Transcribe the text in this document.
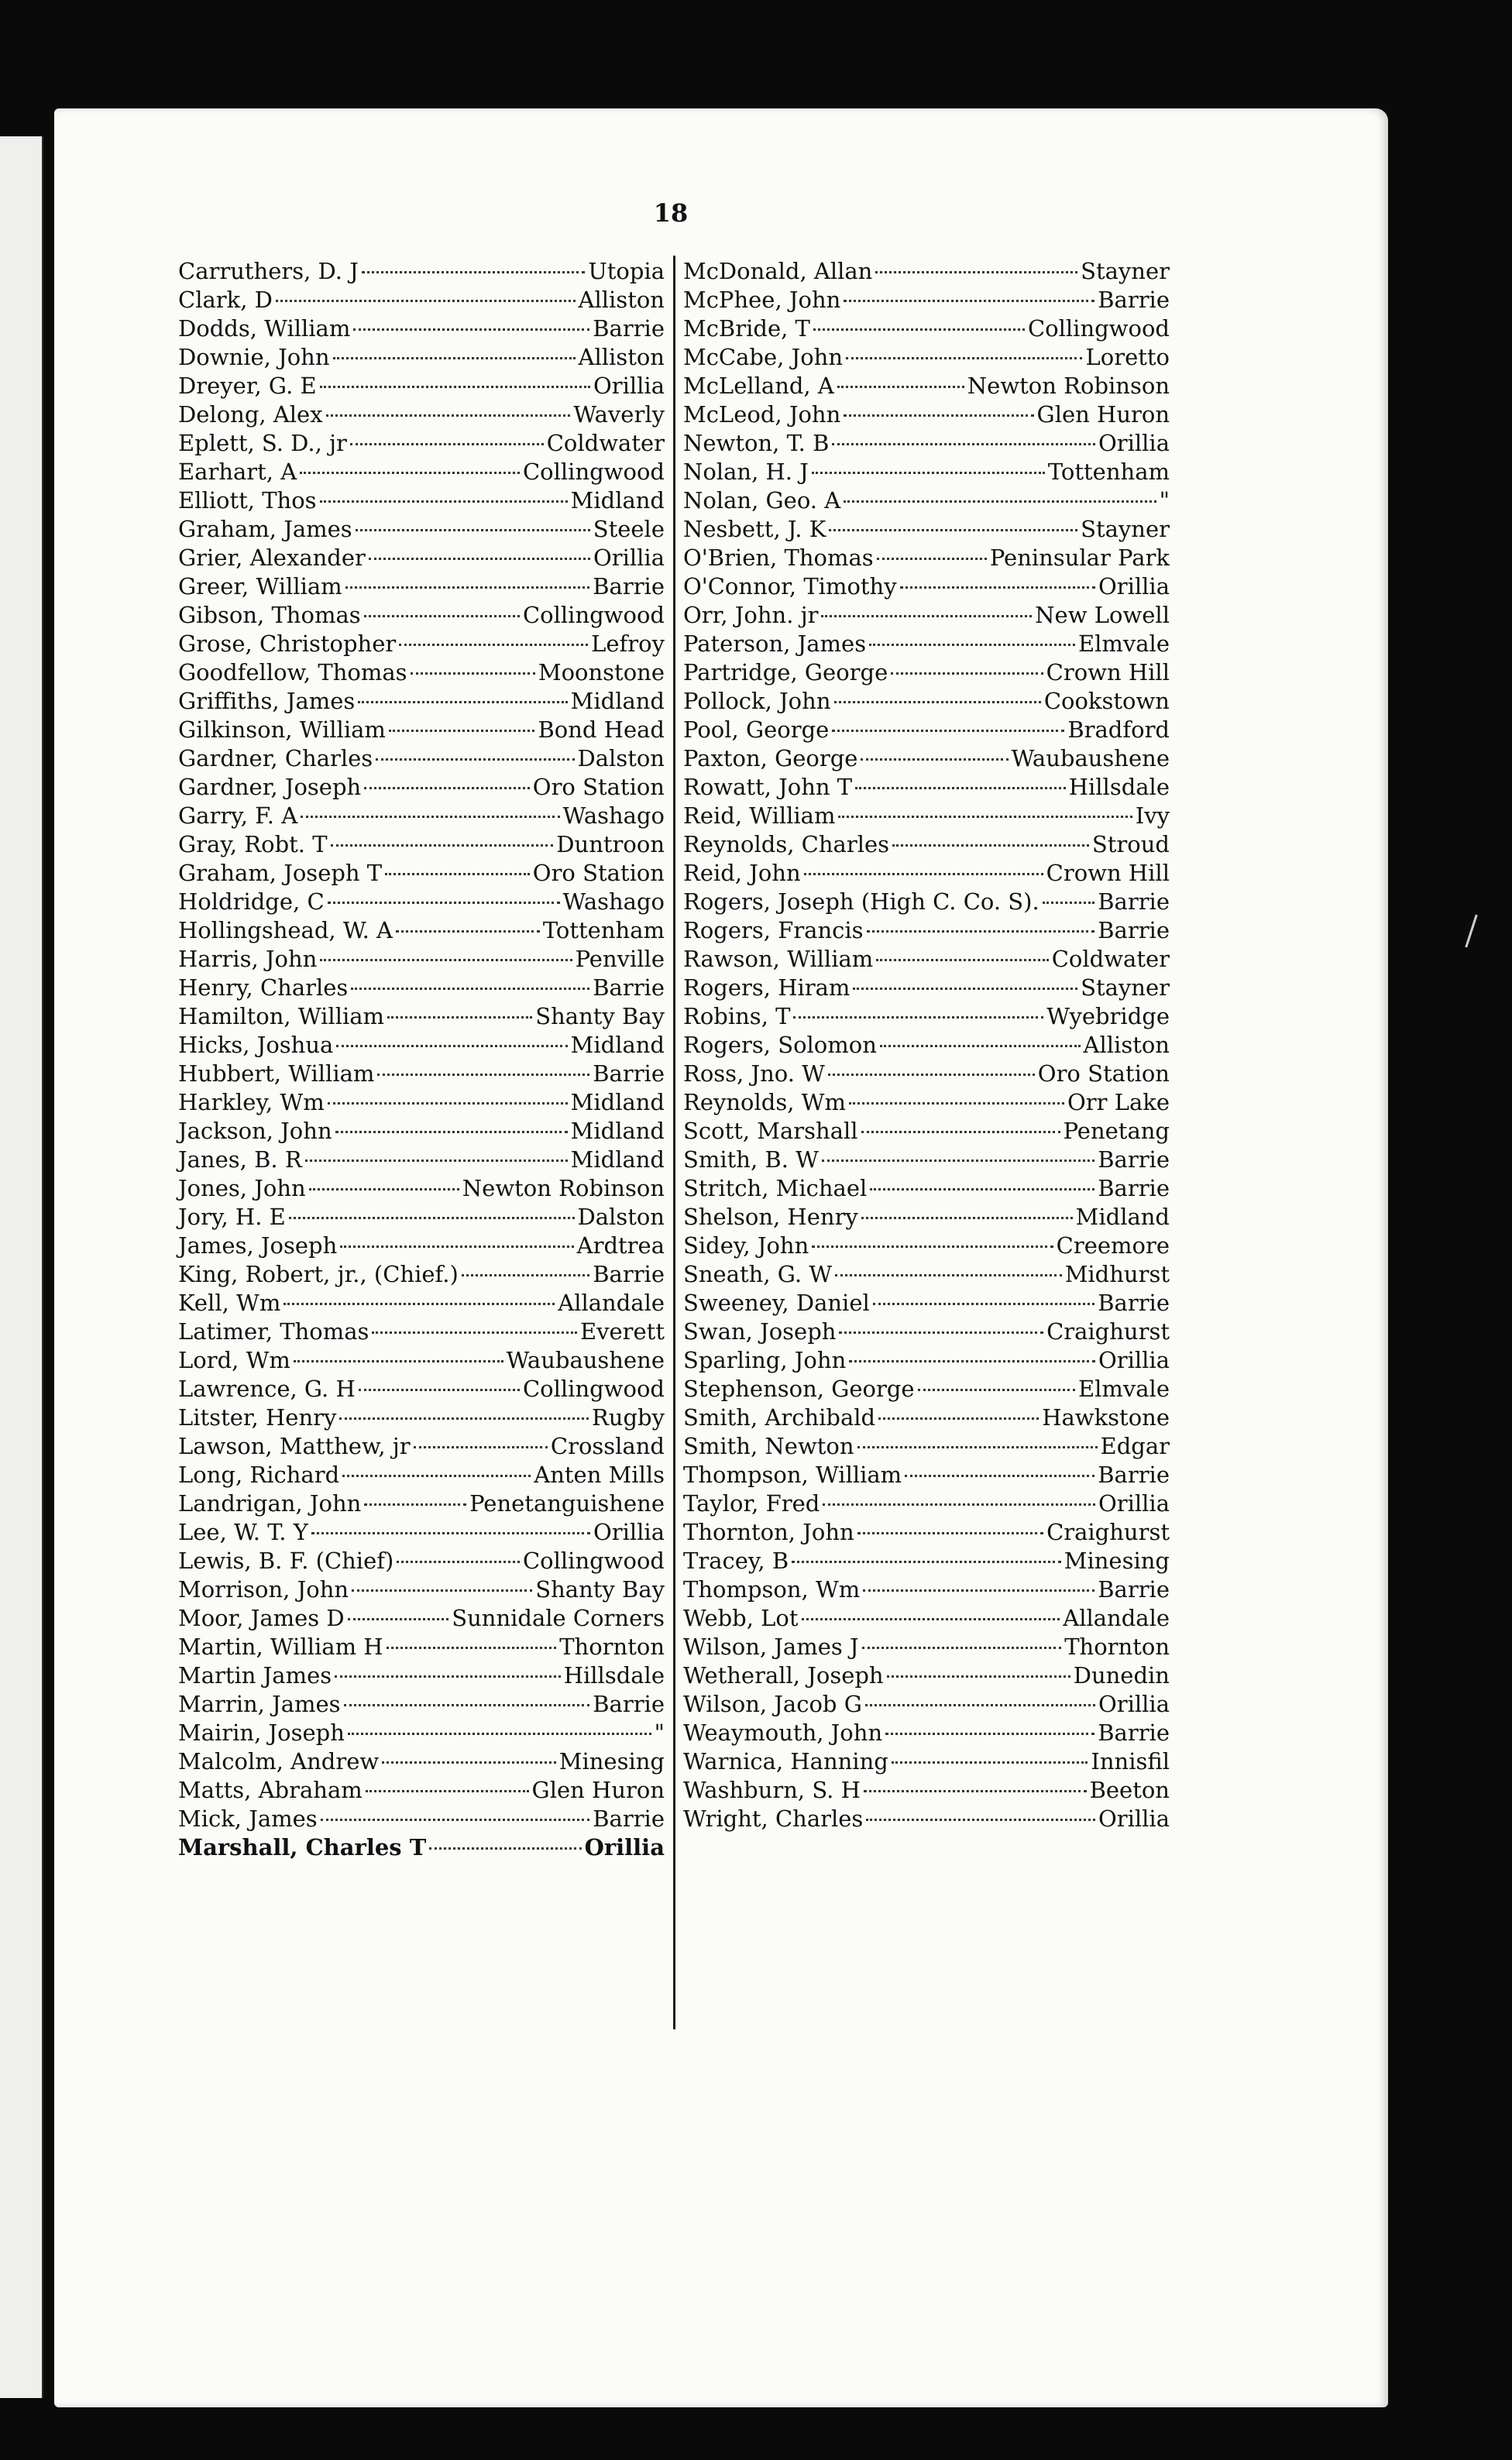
18
Carruthers, D. J	Utopia
Clark, D	Alliston
Dodds, William	Barrie
Downie, John	Alliston
Dreyer, G. E	Orillia
Delong, Alex	Waverly
Eplett, S. D., jr	Coldwater
Earhart, A	Collingwood
Elliott, Thos	Midland
Graham, James	Steele
Grier, Alexander	Orillia
Greer, William	Barrie
Gibson, Thomas	Collingwood
Grose, Christopher	Lefroy
Goodfellow, Thomas	Moonstone
Griffiths, James	Midland
Gilkinson, William	Bond Head
Gardner, Charles	Dalston
Gardner, Joseph	Oro Station
Garry, F. A	Washago
Gray, Robt. T	Duntroon
Graham, Joseph T	Oro Station
Holdridge, C	Washago
Hollingshead, W. A	Tottenham
Harris, John	Penville
Henry, Charles	Barrie
Hamilton, William	Shanty Bay
Hicks, Joshua	Midland
Hubbert, William	Barrie
Harkley, Wm	Midland
Jackson, John	Midland
Janes, B. R	Midland
Jones, John	Newton Robinson
Jory, H. E	Dalston
James, Joseph	Ardtrea
King, Robert, jr., (Chief.)	Barrie
Kell, Wm	Allandale
Latimer, Thomas	Everett
Lord, Wm	Waubaushene
Lawrence, G. H	Collingwood
Litster, Henry	Rugby
Lawson, Matthew, jr	Crossland
Long, Richard	Anten Mills
Landrigan, John	Penetanguishene
Lee, W. T. Y	Orillia
Lewis, B. F. (Chief)	Collingwood
Morrison, John	Shanty Bay
Moor, James D	Sunnidale Corners
Martin, William H	Thornton
Martin James	Hillsdale
Marrin, James	Barrie
Mairin, Joseph	"
Malcolm, Andrew	Minesing
Matts, Abraham	Glen Huron
Mick, James	Barrie
Marshall, Charles T	Orillia
McDonald, Allan	Stayner
McPhee, John	Barrie
McBride, T	Collingwood
McCabe, John	Loretto
McLelland, A	Newton Robinson
McLeod, John	Glen Huron
Newton, T. B	Orillia
Nolan, H. J	Tottenham
Nolan, Geo. A	"
Nesbett, J. K	Stayner
O'Brien, Thomas	Peninsular Park
O'Connor, Timothy	Orillia
Orr, John. jr	New Lowell
Paterson, James	Elmvale
Partridge, George	Crown Hill
Pollock, John	Cookstown
Pool, George	Bradford
Paxton, George	Waubaushene
Rowatt, John T	Hillsdale
Reid, William	Ivy
Reynolds, Charles	Stroud
Reid, John	Crown Hill
Rogers, Joseph (High C. Co. S).	Barrie
Rogers, Francis	Barrie
Rawson, William	Coldwater
Rogers, Hiram	Stayner
Robins, T	Wyebridge
Rogers, Solomon	Alliston
Ross, Jno. W	Oro Station
Reynolds, Wm	Orr Lake
Scott, Marshall	Penetang
Smith, B. W	Barrie
Stritch, Michael	Barrie
Shelson, Henry	Midland
Sidey, John	Creemore
Sneath, G. W	Midhurst
Sweeney, Daniel	Barrie
Swan, Joseph	Craighurst
Sparling, John	Orillia
Stephenson, George	Elmvale
Smith, Archibald	Hawkstone
Smith, Newton	Edgar
Thompson, William	Barrie
Taylor, Fred	Orillia
Thornton, John	Craighurst
Tracey, B	Minesing
Thompson, Wm	Barrie
Webb, Lot	Allandale
Wilson, James J	Thornton
Wetherall, Joseph	Dunedin
Wilson, Jacob G	Orillia
Weaymouth, John	Barrie
Warnica, Hanning	Innisfil
Washburn, S. H	Beeton
Wright, Charles	Orillia
